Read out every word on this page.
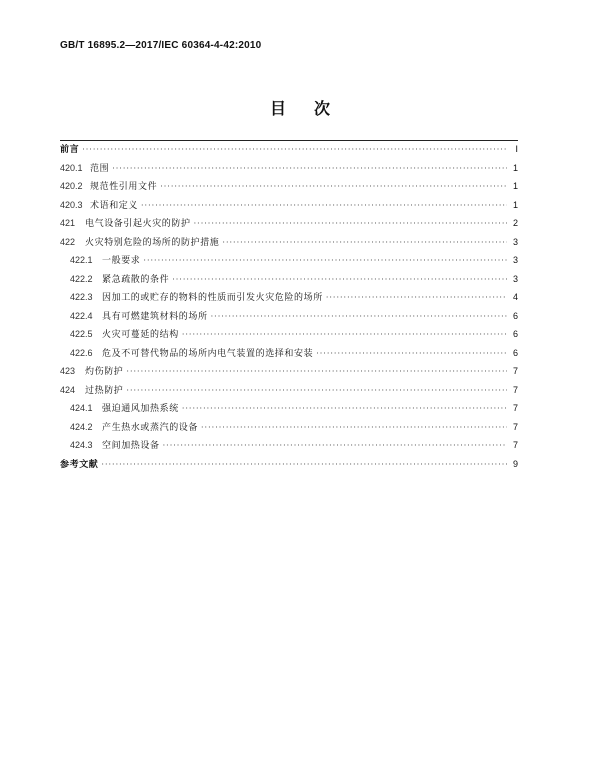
GB/T 16895.2—2017/IEC 60364-4-42:2010
目次
前言 ·····	Ⅰ
420.1 范围 ·····	1
420.2 规范性引用文件 ·····	1
420.3 术语和定义 ·····	1
421	电气设备引起火灾的防护 ·····	2
422	火灾特别危险的场所的防护措施 ·····	3
422.1	一般要求 ·····	3
422.2	紧急疏散的条件 ·····	3
422.3	因加工的或贮存的物料的性质而引发火灾危险的场所 ·····	4
422.4	具有可燃建筑材料的场所 ·····	6
422.5	火灾可蔓延的结构 ·····	6
422.6	危及不可替代物品的场所内电气装置的选择和安装 ·····	6
423	灼伤防护 ·····	7
424	过热防护 ·····	7
424.1	强迫通风加热系统 ·····	7
424.2	产生热水或蒸汽的设备 ·····	7
424.3	空间加热设备 ·····	7
参考文献 ·····	9
